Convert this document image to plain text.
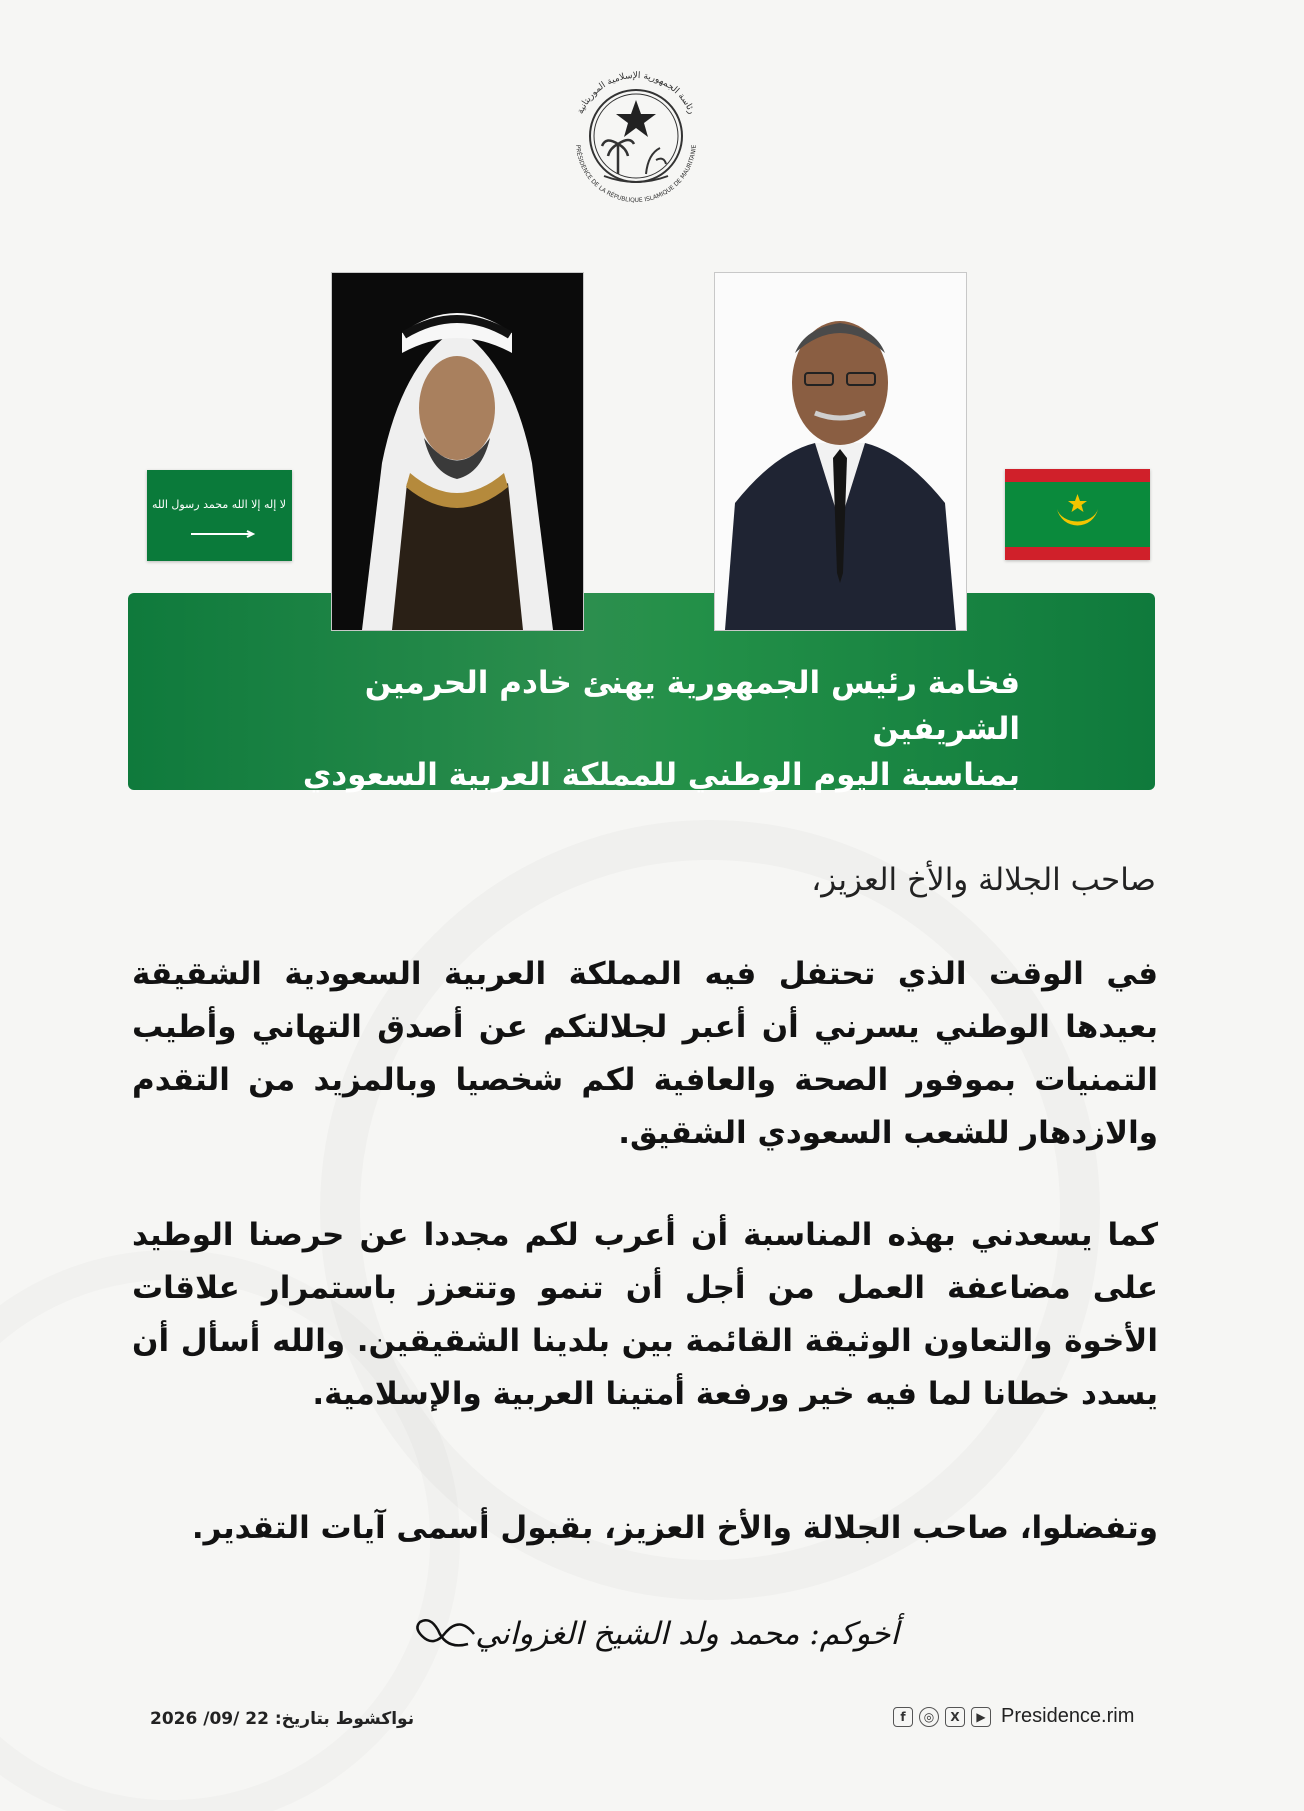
رئاسة الجمهورية الإسلامية الموريتانية
PRÉSIDENCE DE LA RÉPUBLIQUE ISLAMIQUE DE MAURITANIE
لا إله إلا الله محمد رسول الله
فخامة رئيس الجمهورية يهنئ خادم الحرمين الشريفين
بمناسبة اليوم الوطني للمملكة العربية السعودي
صاحب الجلالة والأخ العزيز،
في الوقت الذي تحتفل فيه المملكة العربية السعودية الشقيقة بعيدها الوطني يسرني أن أعبر لجلالتكم عن أصدق التهاني وأطيب التمنيات بموفور الصحة والعافية لكم شخصيا وبالمزيد من التقدم والازدهار للشعب السعودي الشقيق.
كما يسعدني بهذه المناسبة أن أعرب لكم مجددا عن حرصنا الوطيد على مضاعفة العمل من أجل أن تنمو وتتعزز باستمرار علاقات الأخوة والتعاون الوثيقة القائمة بين بلدينا الشقيقين. والله أسأل أن يسدد خطانا لما فيه خير ورفعة أمتينا العربية والإسلامية.
وتفضلوا، صاحب الجلالة والأخ العزيز، بقبول أسمى آيات التقدير.
أخوكم: محمد ولد الشيخ الغزواني
نواكشوط بتاريخ: 22 /09/ 2026	f	◎	X	▶ Presidence.rim
